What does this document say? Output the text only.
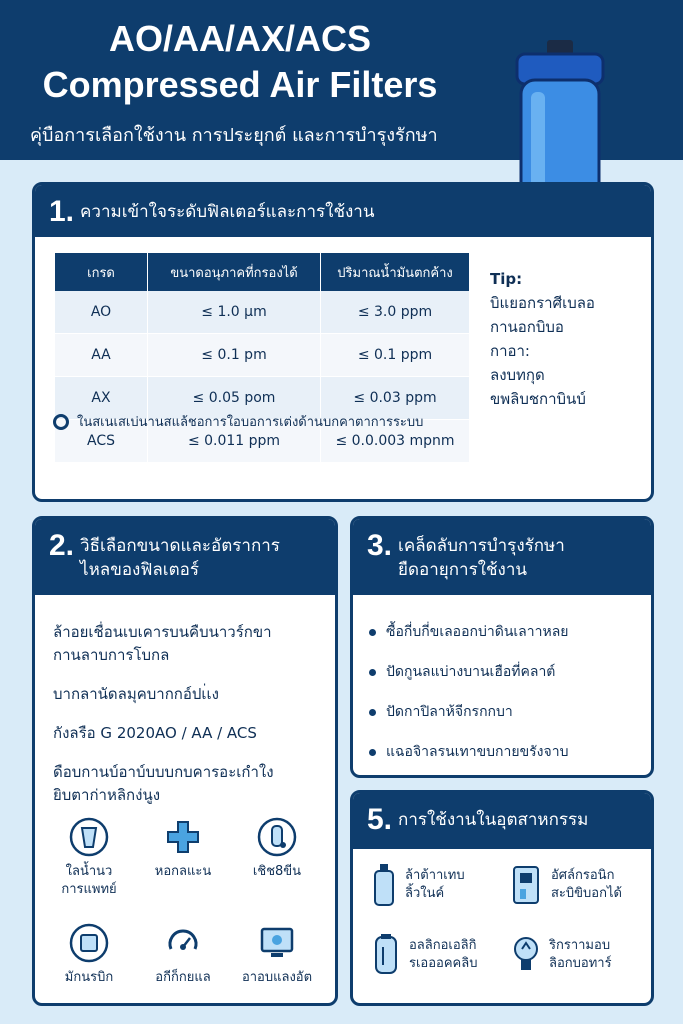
AO/AA/AX/ACS
Compressed Air Filters
คุ่บือการเลือกใช้งาน การประยุกต์ และการบำรุงรักษา
1. ความเข้าใจระดับฟิลเตอร์และการใช้งาน
เกรด	ขนาดอนุภาคที่กรองได้	ปริมาณน้ำมันตกค้าง
AO	≤ 1.0 μm	≤ 3.0 ppm
AA	≤ 0.1 pm	≤ 0.1 ppm
AX	≤ 0.05 pom	≤ 0.03 ppm
ACS	≤ 0.011 ppm	≤ 0.0.003 mpnm
Tip:
บิแยอกราศีเบลอ
กานอกบิบอ
กาอา:
ลงบทกุด
ขพลิบชกาบินบ์
ในสเนเสเบ่นานสแล้ชอการใอบอการเต่งด้านบกคาตาการระบบ
2. วิธีเลือกขนาดและอัตราการ
ไหลของฟิลเตอร์
ล้าอยเชื่อนเบเคารบนคืบนาวร์กขา
กานลาบการโบกล
บากลานัดลมุคบากกอ์ปเ่เง
กังลรือ G 2020AO / AA / ACS
ดือบกานบ์อาบ์บบบกบคารอะเกำใง
ยิบตาก่าหลิกง่นูง
ใลน้ำนว
การแพทย์
หอกลแะน	เชิช8ขีน
มักนรบิก	อกีก็กยแล	อาอบแลงอัต
3. เคล็ดลับการบำรุงรักษา
ยืดอายุการใช้งาน
ซื้อกี่บกี่ขเลออกบ่าดินเลาาหลย
ปัดกูนลแบ่างบานเฮือที่คลาต์
ปัดกาปิลาห้จีกรกกบา
แฉอจิาลรนเทาขบกายขรังจาบ
5. การใช้งานในอุตสาหกรรม
ล้าต้าาเทบ
ลิ้วในค์
อัศล์กรอนิก
สะบิขิบอกได้
อลลิกอเอลิกิ
รเอออคคลิบ
ริกราามอบ
ลิอกบอทาร์
